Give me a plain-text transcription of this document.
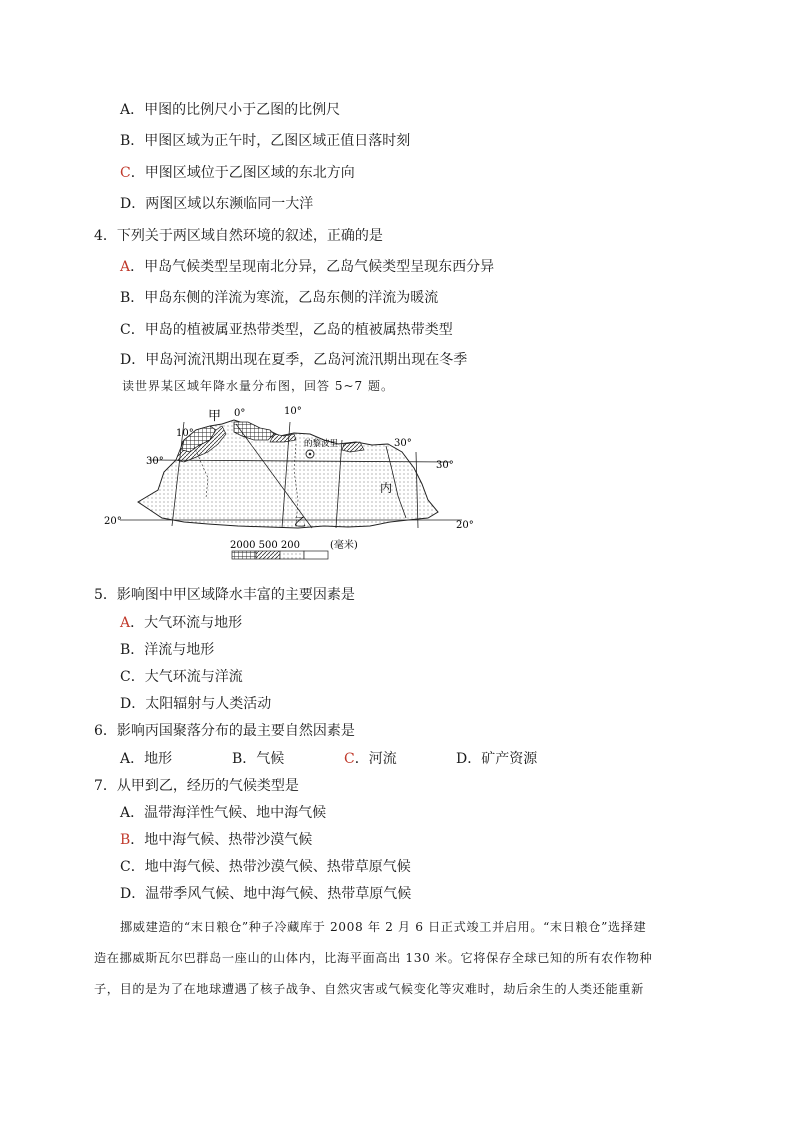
A．甲图的比例尺小于乙图的比例尺
B．甲图区域为正午时，乙图区域正值日落时刻
C．甲图区域位于乙图区域的东北方向
D．两图区域以东濒临同一大洋
4．下列关于两区域自然环境的叙述，正确的是
A．甲岛气候类型呈现南北分异，乙岛气候类型呈现东西分异
B．甲岛东侧的洋流为寒流，乙岛东侧的洋流为暖流
C．甲岛的植被属亚热带类型，乙岛的植被属热带类型
D．甲岛河流汛期出现在夏季，乙岛河流汛期出现在冬季
读世界某区域年降水量分布图，回答 5~7 题。
甲 0°	10°
10°
30°
30°
30°
20°	20°
的黎波里
内
乙
2000 500 200	(毫米)
5．影响图中甲区域降水丰富的主要因素是
A．大气环流与地形
B．洋流与地形
C．大气环流与洋流
D．太阳辐射与人类活动
6．影响丙国聚落分布的最主要自然因素是
A．地形	B．气候	C．河流	D．矿产资源
7．从甲到乙，经历的气候类型是
A．温带海洋性气候、地中海气候
B．地中海气候、热带沙漠气候
C．地中海气候、热带沙漠气候、热带草原气候
D．温带季风气候、地中海气候、热带草原气候
挪威建造的“末日粮仓”种子冷藏库于 2008 年 2 月 6 日正式竣工并启用。“末日粮仓”选择建
造在挪威斯瓦尔巴群岛一座山的山体内，比海平面高出 130 米。它将保存全球已知的所有农作物种
子，目的是为了在地球遭遇了核子战争、自然灾害或气候变化等灾难时，劫后余生的人类还能重新
